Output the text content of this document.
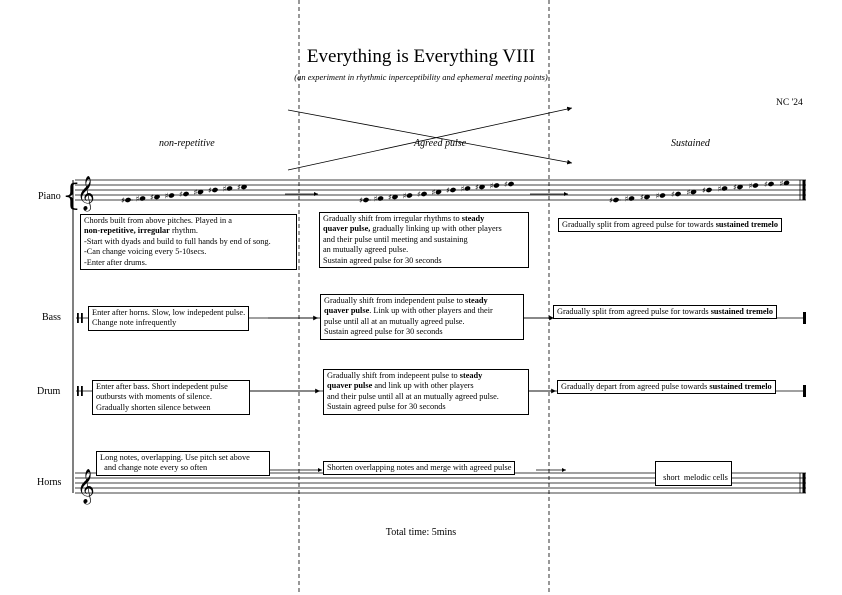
{
𝄞	♯ ♯ ♯ ♯ ♯ ♯ ♯ ♯ ♯
♯ ♯ ♯ ♯ ♯ ♯ ♯ ♯ ♯ ♯ ♯
♯ ♯ ♯ ♯ ♯ ♯ ♯ ♯ ♯ ♯ ♯ ♯
𝄞
Everything is Everything VIII
(an experiment in rhythmic inperceptibility and ephemeral meeting points)
NC '24
non-repetitive	Agreed pulse	Sustained
Piano
Bass
Drum
Horns
Chords built from above pitches. Played in a
non-repetitive, irregular rhythm.
-Start with dyads and build to full hands by end of song.
-Can change voicing every 5-10secs.
-Enter after drums.
Gradually shift from irregular rhythms to steady
quaver pulse, gradually linking up with other players
and their pulse until meeting and sustaining
an mutually agreed pulse.
Sustain agreed pulse for 30 seconds
Gradually split from agreed pulse for towards sustained tremelo
Enter after horns. Slow, low indepedent pulse.
Change note infrequently
Gradually shift from independent pulse to steady
quaver pulse. Link up with other players and their
pulse until all at an mutually agreed pulse.
Sustain agreed pulse for 30 seconds
Gradually split from agreed pulse for towards sustained tremelo
Enter after bass. Short indepedent pulse
outbursts with moments of silence.
Gradually shorten silence between
Gradually shift from indepeent pulse to steady
quaver pulse and link up with other players
and their pulse until all at an mutually agreed pulse.
Sustain agreed pulse for 30 seconds
Gradually depart from agreed pulse towards sustained tremelo
Long notes, overlapping. Use pitch set above
and change note every so often	Shorten overlapping notes and merge with agreed pulse

short  melodic cells

Total time: 5mins
